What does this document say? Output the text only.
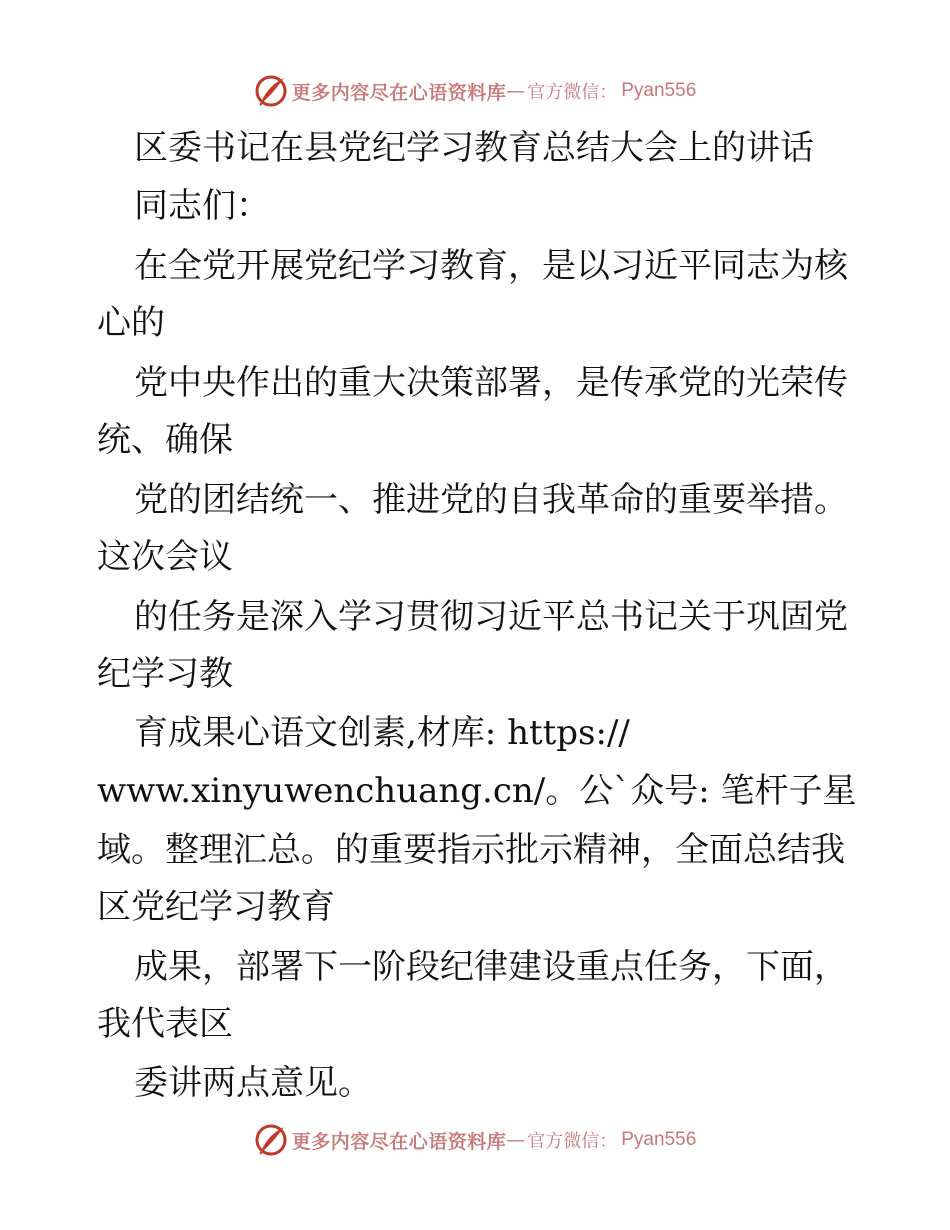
更多内容尽在心语资料库 — 官方微信： Pyan556
区委书记在县党纪学习教育总结大会上的讲话
同志们：
在全党开展党纪学习教育，是以习近平同志为核
心的
党中央作出的重大决策部署，是传承党的光荣传
统、确保
党的团结统一、推进党的自我革命的重要举措。
这次会议
的任务是深入学习贯彻习近平总书记关于巩固党
纪学习教
育成果心语文创素,材库: https://
www.xinyuwenchuang.cn/。公`众号: 笔杆子星
域。整理汇总。的重要指示批示精神，全面总结我
区党纪学习教育
成果，部署下一阶段纪律建设重点任务，下面，
我代表区
委讲两点意见。
更多内容尽在心语资料库 — 官方微信： Pyan556
